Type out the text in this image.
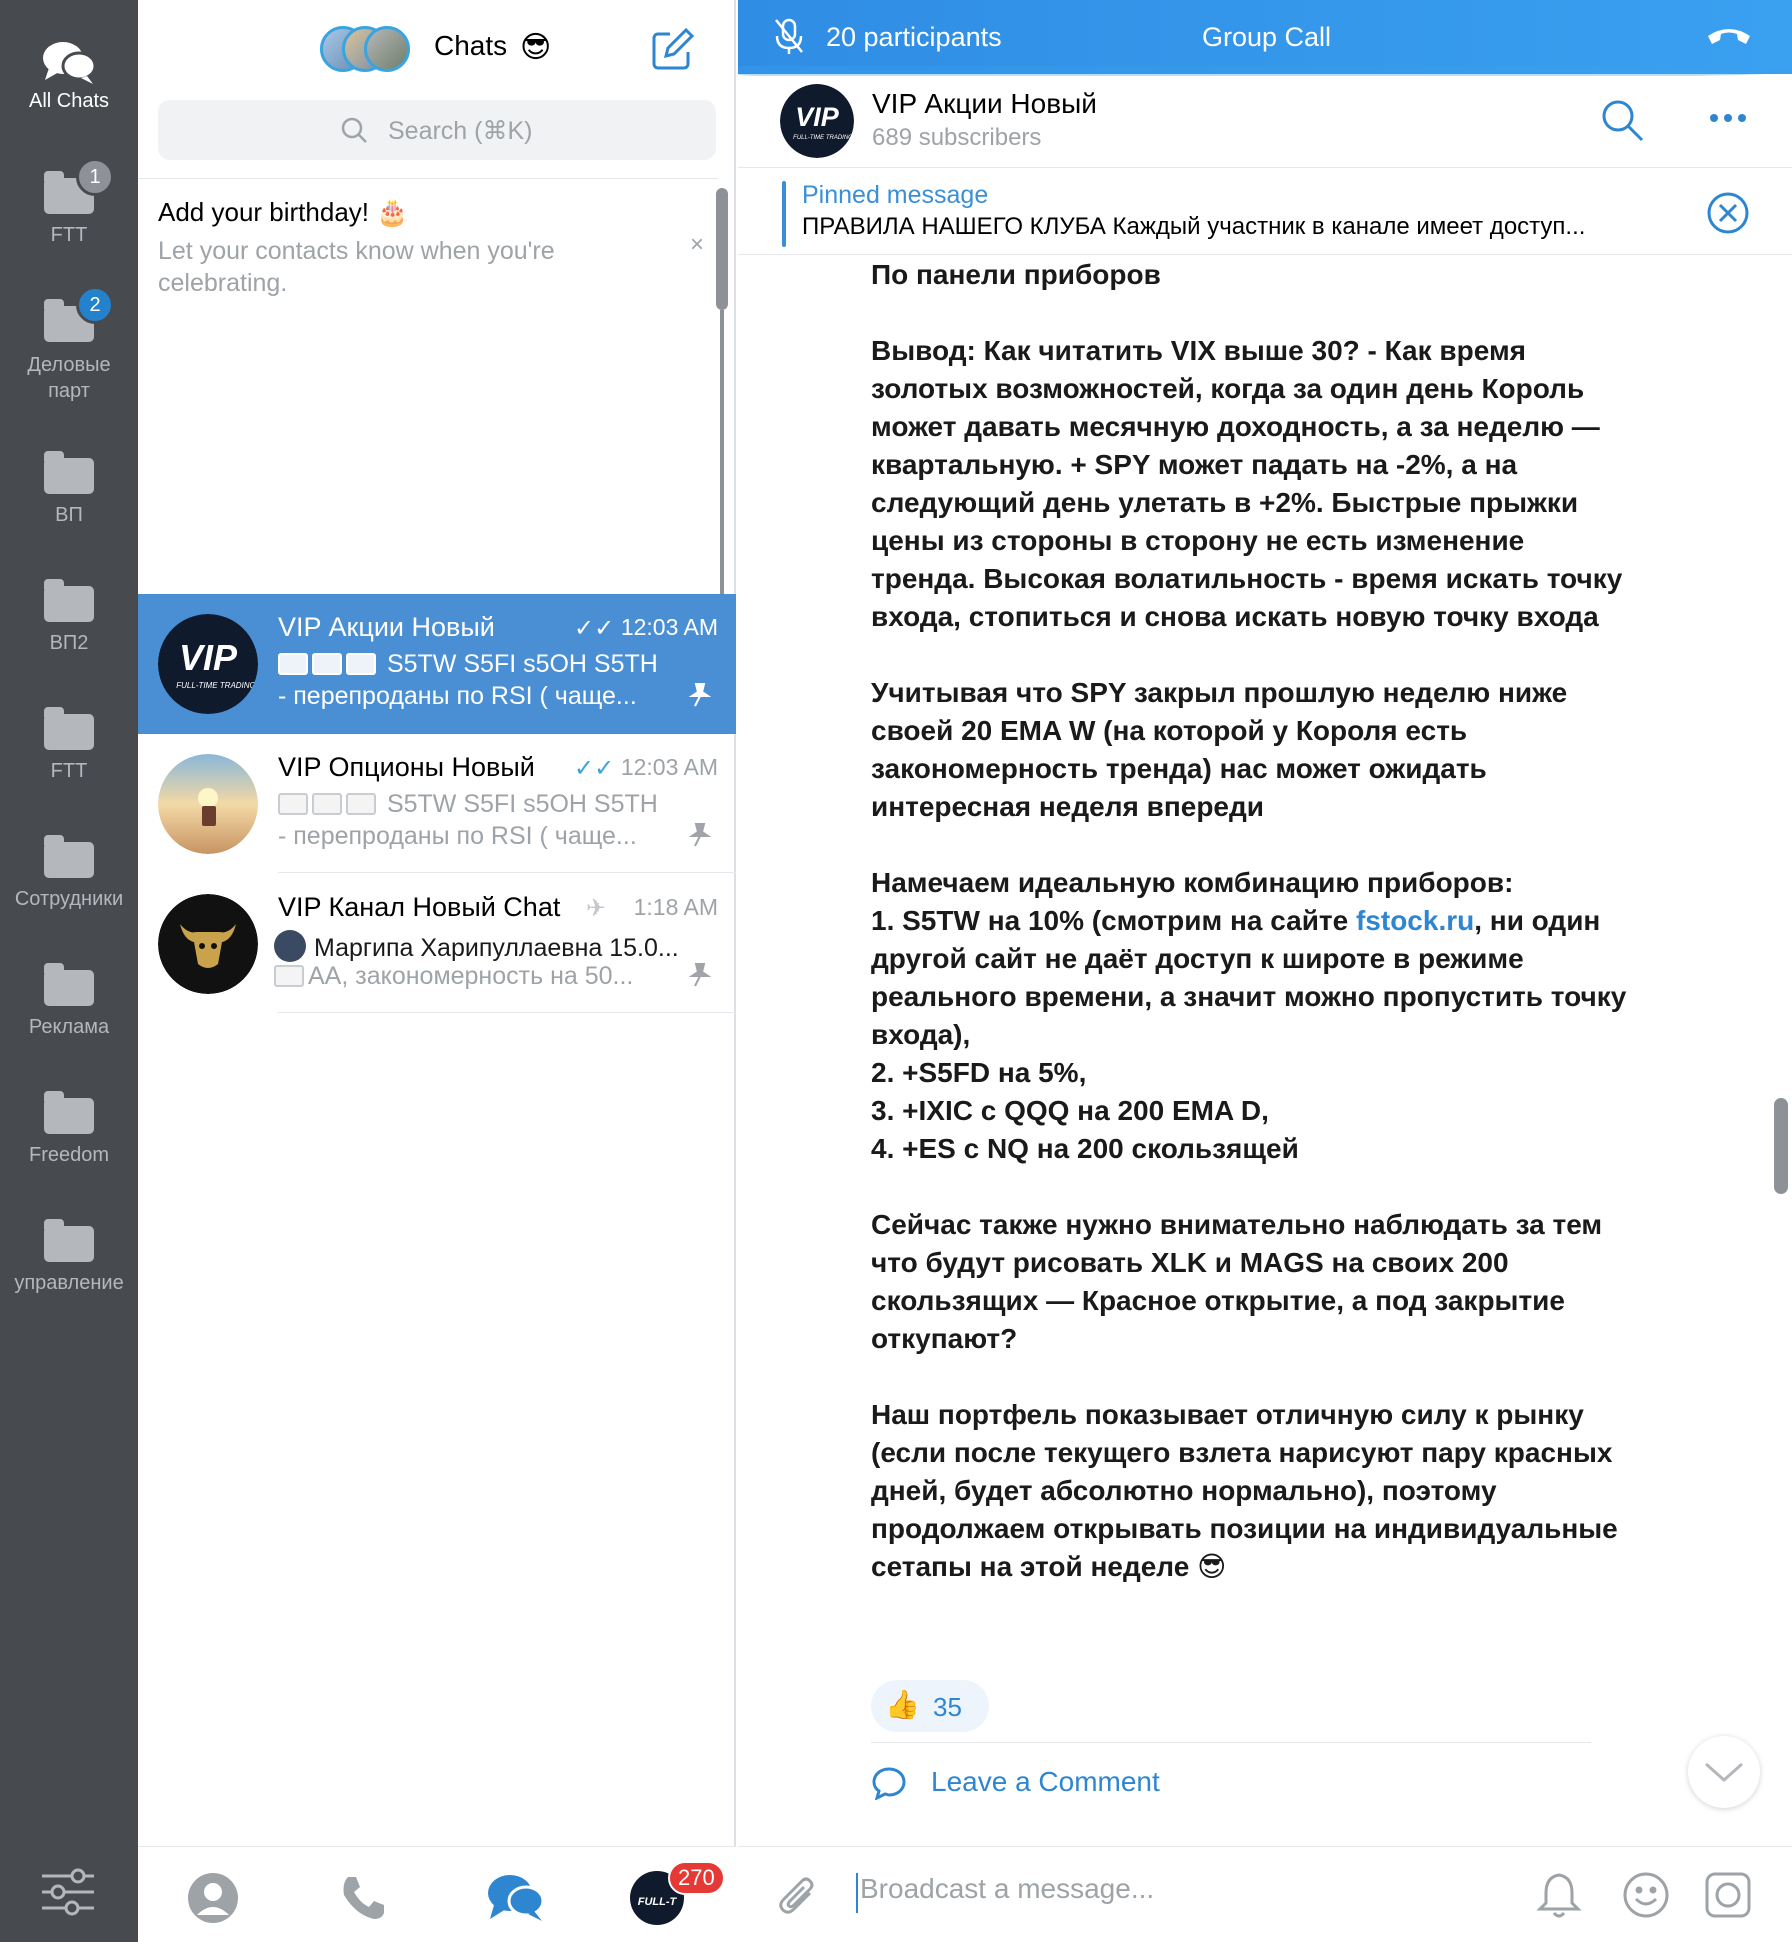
All Chats
1
FTT
2
Деловые парт
ВП
ВП2
FTT
Сотрудники
Реклама
Freedom
управление
Chats 😎
Search (⌘K)
Add your birthday! 🎂
Let your contacts know when you're celebrating.
×
VIP
FULL-TIME TRADING
VIP Акции Новый	✓✓ 12:03 AM
S5TW S5FI s5OH S5TH
- перепроданы по RSI ( чаще...
VIP Опционы Новый ✓✓ 12:03 AM
S5TW S5FI s5OH S5TH
- перепроданы по RSI ( чаще...
VIP Канал Новый Chat ✈ 1:18 AM
Маргипа Харипуллаевна 15.0...
АА, закономерность на 50...
FULL-T
270
20 participants	Group Call
VIP
FULL-TIME TRADING
VIP Акции Новый
689 subscribers
Pinned message
ПРАВИЛА НАШЕГО КЛУБА Каждый участник в канале имеет доступ...

По панели приборов

Вывод: Как читатить VIX выше 30? - Как время золотых возможностей, когда за один день Король может давать месячную доходность, а за неделю — квартальную. + SPY может падать на -2%, а на следующий день улетать в +2%. Быстрые прыжки цены из стороны в сторону не есть изменение тренда. Высокая волатильность - время искать точку входа, стопиться и снова искать новую точку входа

Учитывая что SPY закрыл прошлую неделю ниже своей 20 EMA W (на которой у Короля есть закономерность тренда) нас может ожидать интересная неделя впереди

Намечаем идеальную комбинацию приборов:

1. S5TW на 10% (смотрим на сайте fstock.ru, ни один другой сайт не даёт доступ к широте в режиме реального времени, а значит можно пропустить точку входа),

2. +S5FD на 5%,

3. +IXIC с QQQ на 200 EMA D,

4. +ES с NQ на 200 скользящей

Сейчас также нужно внимательно наблюдать за тем что будут рисовать XLK и MAGS на своих 200 скользящих — Красное открытие, а под закрытие откупают?

Наш портфель показывает отличную силу к рынку (если после текущего взлета нарисуют пару красных дней, будет абсолютно нормально), поэтому продолжаем открывать позиции на индивидуальные сетапы на этой неделе 😎

👍 35
Leave a Comment
Broadcast a message...
